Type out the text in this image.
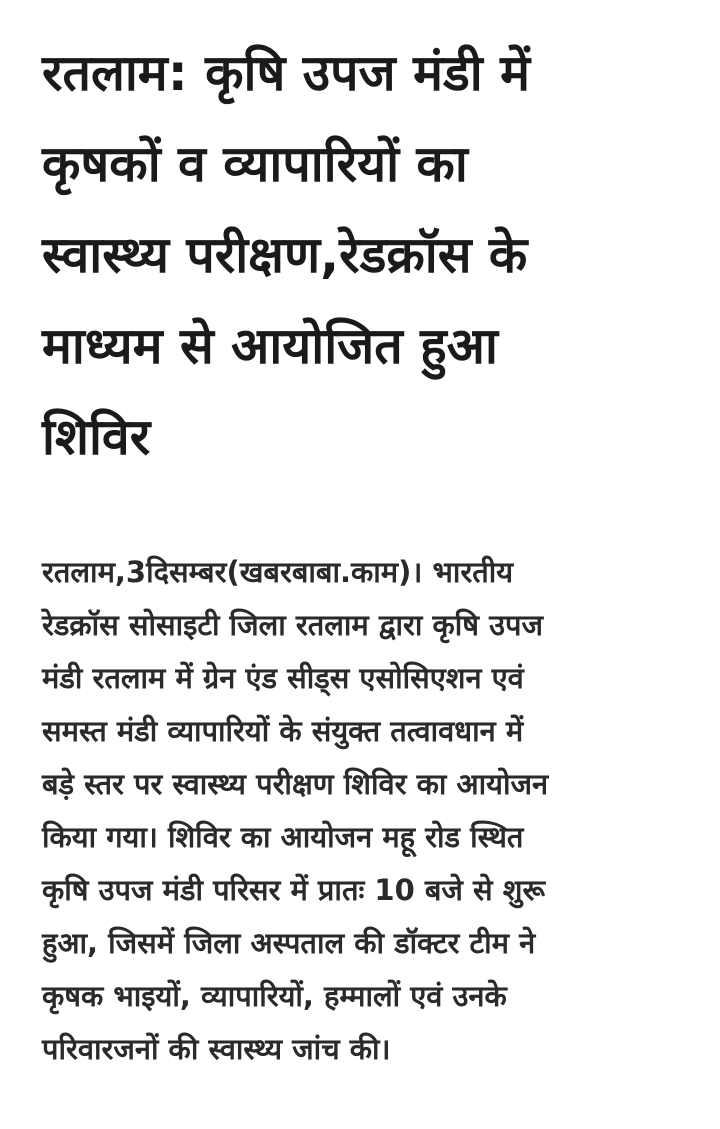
रतलाम: कृषि उपज मंडी में
कृषकों व व्यापारियों का
स्वास्थ्य परीक्षण,रेडक्रॉस के
माध्यम से आयोजित हुआ
शिविर

रतलाम,3दिसम्बर(खबरबाबा.काम)। भारतीय
रेडक्रॉस सोसाइटी जिला रतलाम द्वारा कृषि उपज
मंडी रतलाम में ग्रेन एंड सीड्स एसोसिएशन एवं
समस्त मंडी व्यापारियों के संयुक्त तत्वावधान में
बड़े स्तर पर स्वास्थ्य परीक्षण शिविर का आयोजन
किया गया। शिविर का आयोजन महू रोड स्थित
कृषि उपज मंडी परिसर में प्रातः 10 बजे से शुरू
हुआ, जिसमें जिला अस्पताल की डॉक्टर टीम ने
कृषक भाइयों, व्यापारियों, हम्मालों एवं उनके
परिवारजनों की स्वास्थ्य जांच की।
